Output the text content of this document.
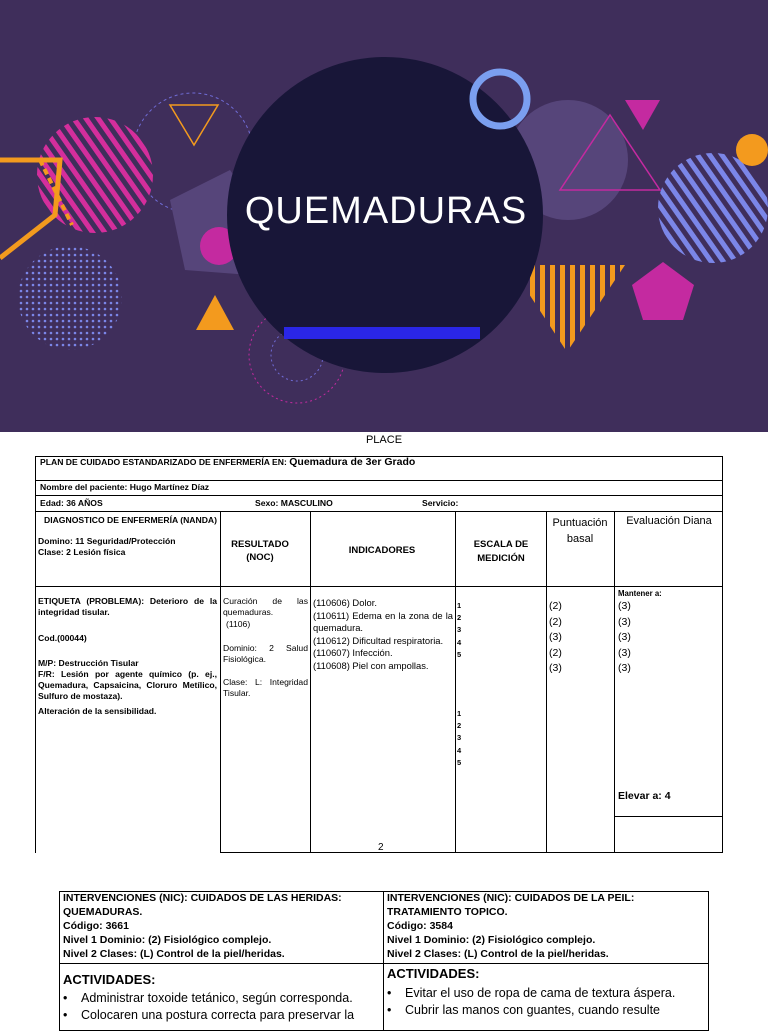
QUEMADURAS
PLACE
PLAN DE CUIDADO ESTANDARIZADO DE ENFERMERÍA EN: Quemadura de 3er Grado
Nombre del paciente: Hugo Martínez Díaz
Edad: 36 AÑOS	Sexo: MASCULINO	Servicio:
DIAGNOSTICO DE ENFERMERÍA (NANDA)
Domino: 11 Seguridad/Protección
Clase: 2 Lesión física
RESULTADO (NOC)
INDICADORES
ESCALA DE MEDICIÓN
Puntuación basal
Evaluación Diana
ETIQUETA (PROBLEMA): Deterioro de la integridad tisular.
Cod.(00044)
M/P: Destrucción Tisular
F/R: Lesión por agente químico (p. ej., Quemadura, Capsaicina, Cloruro Metílico, Sulfuro de mostaza).
Alteración de la sensibilidad.
Curación de las quemaduras.
(1106)
Dominio: 2 Salud Fisiológica.
Clase: L: Integridad Tisular.
(110606) Dolor.
(110611) Edema en la zona de la quemadura.
(110612) Dificultad respiratoria.
(110607) Infección.
(110608) Piel con ampollas.
1
2
3
4
5
1
2
3
4
5
(2)
(2)
(3)
(2)
(3)
Mantener a:
(3)
(3)
(3)
(3)
(3)
Elevar a: 4
2
INTERVENCIONES (NIC): CUIDADOS DE LAS HERIDAS: QUEMADURAS.
Código: 3661
Nivel 1 Dominio: (2) Fisiológico complejo.
Nivel 2 Clases: (L) Control de la piel/heridas.
INTERVENCIONES (NIC): CUIDADOS DE LA PEIL: TRATAMIENTO TOPICO.
Código: 3584
Nivel 1 Dominio: (2) Fisiológico complejo.
Nivel 2 Clases: (L) Control de la piel/heridas.
ACTIVIDADES:
• Administrar toxoide tetánico, según corresponda.
• Colocaren una postura correcta para preservar la
ACTIVIDADES:
• Evitar el uso de ropa de cama de textura áspera.
• Cubrir las manos con guantes, cuando resulte
